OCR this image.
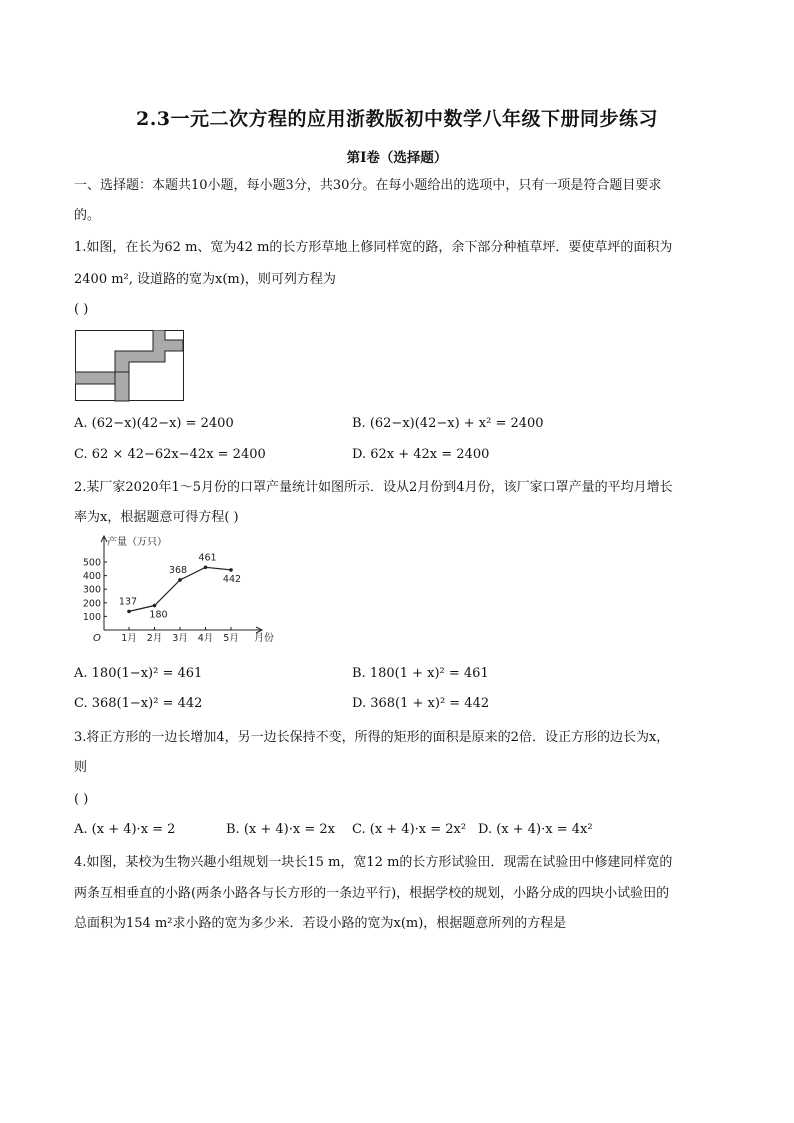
2.3一元二次方程的应用浙教版初中数学八年级下册同步练习
第I卷（选择题）
一、选择题：本题共10小题，每小题3分，共30分。在每小题给出的选项中，只有一项是符合题目要求
的。
1.如图，在长为62 m、宽为42 m的长方形草地上修同样宽的路，余下部分种植草坪．要使草坪的面积为
2400 m², 设道路的宽为x(m)，则可列方程为
( )
A. (62−x)(42−x) = 2400	B. (62−x)(42−x) + x² = 2400
C. 62 × 42−62x−42x = 2400	D. 62x + 42x = 2400
2.某厂家2020年1～5月份的口罩产量统计如图所示．设从2月份到4月份，该厂家口罩产量的平均月增长
率为x，根据题意可得方程( )
产量（万只）
月份
O
100
200
300
400
500
1月 2月 3月 4月 5月
137
180
368
461
442
A. 180(1−x)² = 461	B. 180(1 + x)² = 461
C. 368(1−x)² = 442	D. 368(1 + x)² = 442
3.将正方形的一边长增加4，另一边长保持不变，所得的矩形的面积是原来的2倍．设正方形的边长为x，
则
( )
A. (x + 4)·x = 2	B. (x + 4)·x = 2x C. (x + 4)·x = 2x² D. (x + 4)·x = 4x²
4.如图，某校为生物兴趣小组规划一块长15 m，宽12 m的长方形试验田．现需在试验田中修建同样宽的
两条互相垂直的小路(两条小路各与长方形的一条边平行)，根据学校的规划，小路分成的四块小试验田的
总面积为154 m²求小路的宽为多少米．若设小路的宽为x(m)，根据题意所列的方程是
